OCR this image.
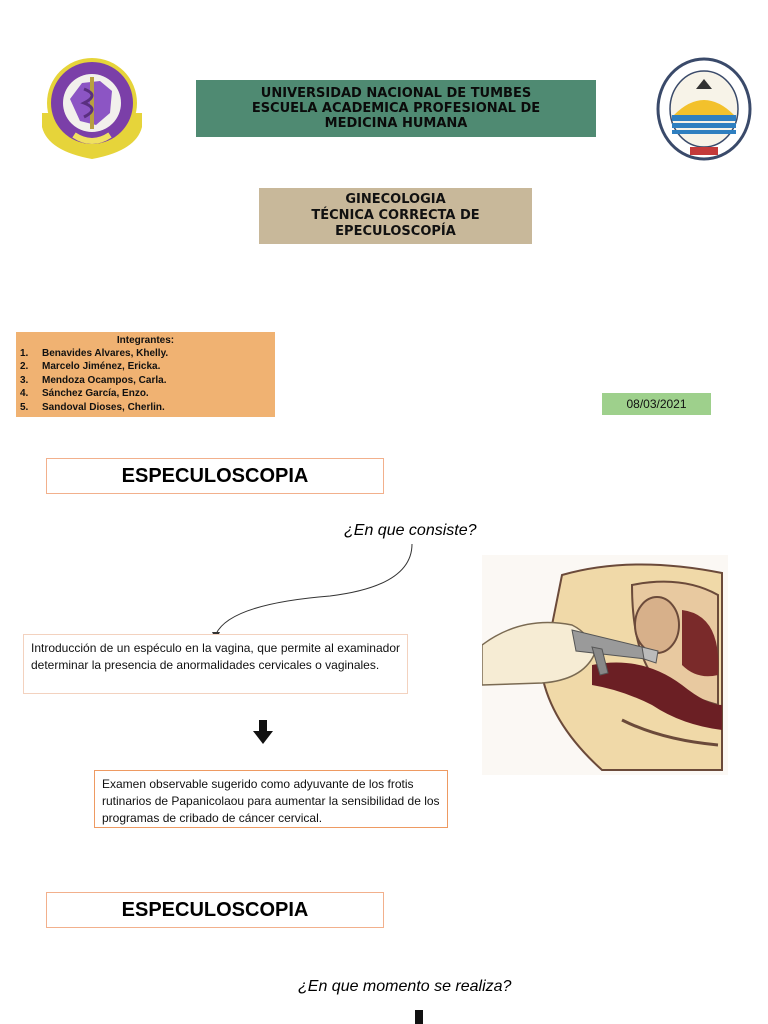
UNIVERSIDAD NACIONAL DE TUMBES
ESCUELA ACADEMICA PROFESIONAL DE
MEDICINA HUMANA
GINECOLOGIA
TÉCNICA CORRECTA DE
EPECULOSCOPÍA
Integrantes:
1.	Benavides Alvares, Khelly.
2.	Marcelo Jiménez, Ericka.
3.	Mendoza Ocampos, Carla.
4.	Sánchez García, Enzo.
5.	Sandoval Dioses, Cherlin.	08/03/2021
ESPECULOSCOPIA
¿En que consiste?
Introducción de un espéculo en la vagina, que permite al examinador determinar la presencia de anormalidades cervicales o vaginales.
Examen observable sugerido como adyuvante de los frotis rutinarios de Papanicolaou para aumentar la sensibilidad de los programas de cribado de cáncer cervical.
ESPECULOSCOPIA
¿En que momento se realiza?
